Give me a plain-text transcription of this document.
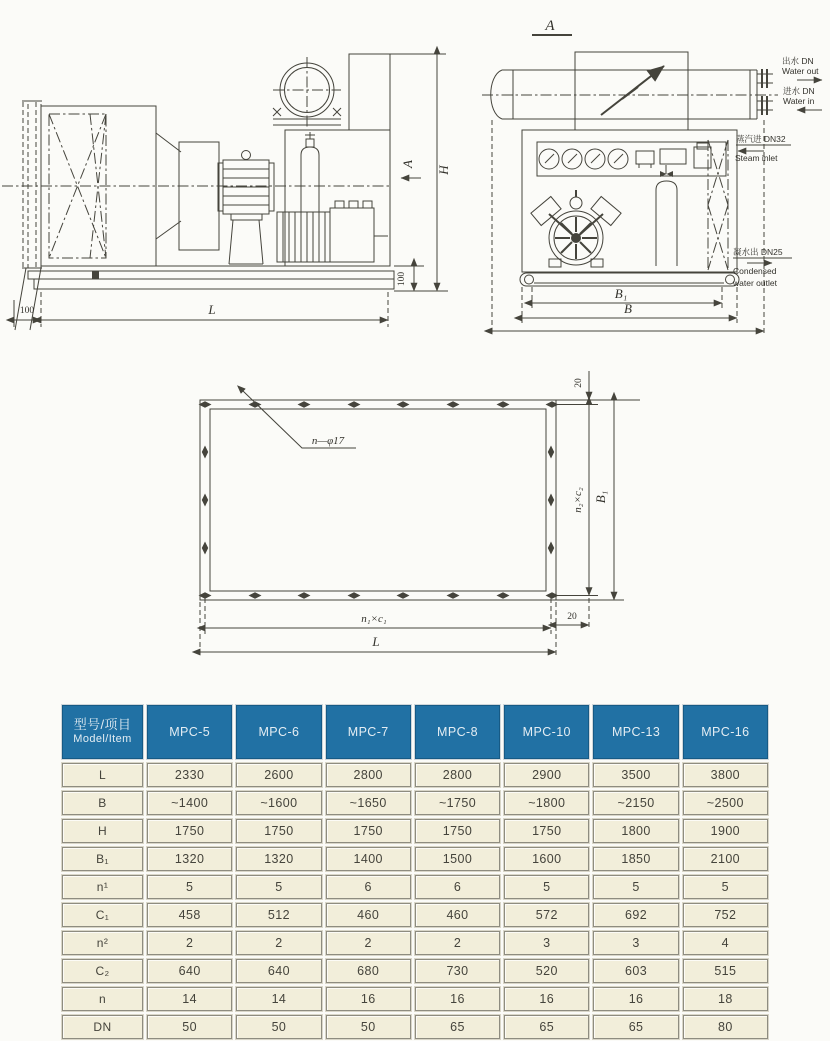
L
100
H
A
100
A
B₁
B
出水 DN
Water out
进水 DN
Water in
蒸汽进 DN32
Steam inlet
凝水出 DN25
Condensed
water outlet
n—φ17
20
n₂×c₂ B₁
20
n₁×c₁
L
型号/项目
Model/Item
MPC-5	MPC-6	MPC-7	MPC-8	MPC-10	MPC-13	MPC-16
L	2330	2600	2800	2800	2900	3500	3800
B	~1400	~1600	~1650	~1750	~1800	~2150	~2500
H	1750	1750	1750	1750	1750	1800	1900
B₁	1320	1320	1400	1500	1600	1850	2100
n¹	5	5	6	6	5	5	5
C₁	458	512	460	460	572	692	752
n²	2	2	2	2	3	3	4
C₂	640	640	680	730	520	603	515
n	14	14	16	16	16	16	18
DN	50	50	50	65	65	65	80
